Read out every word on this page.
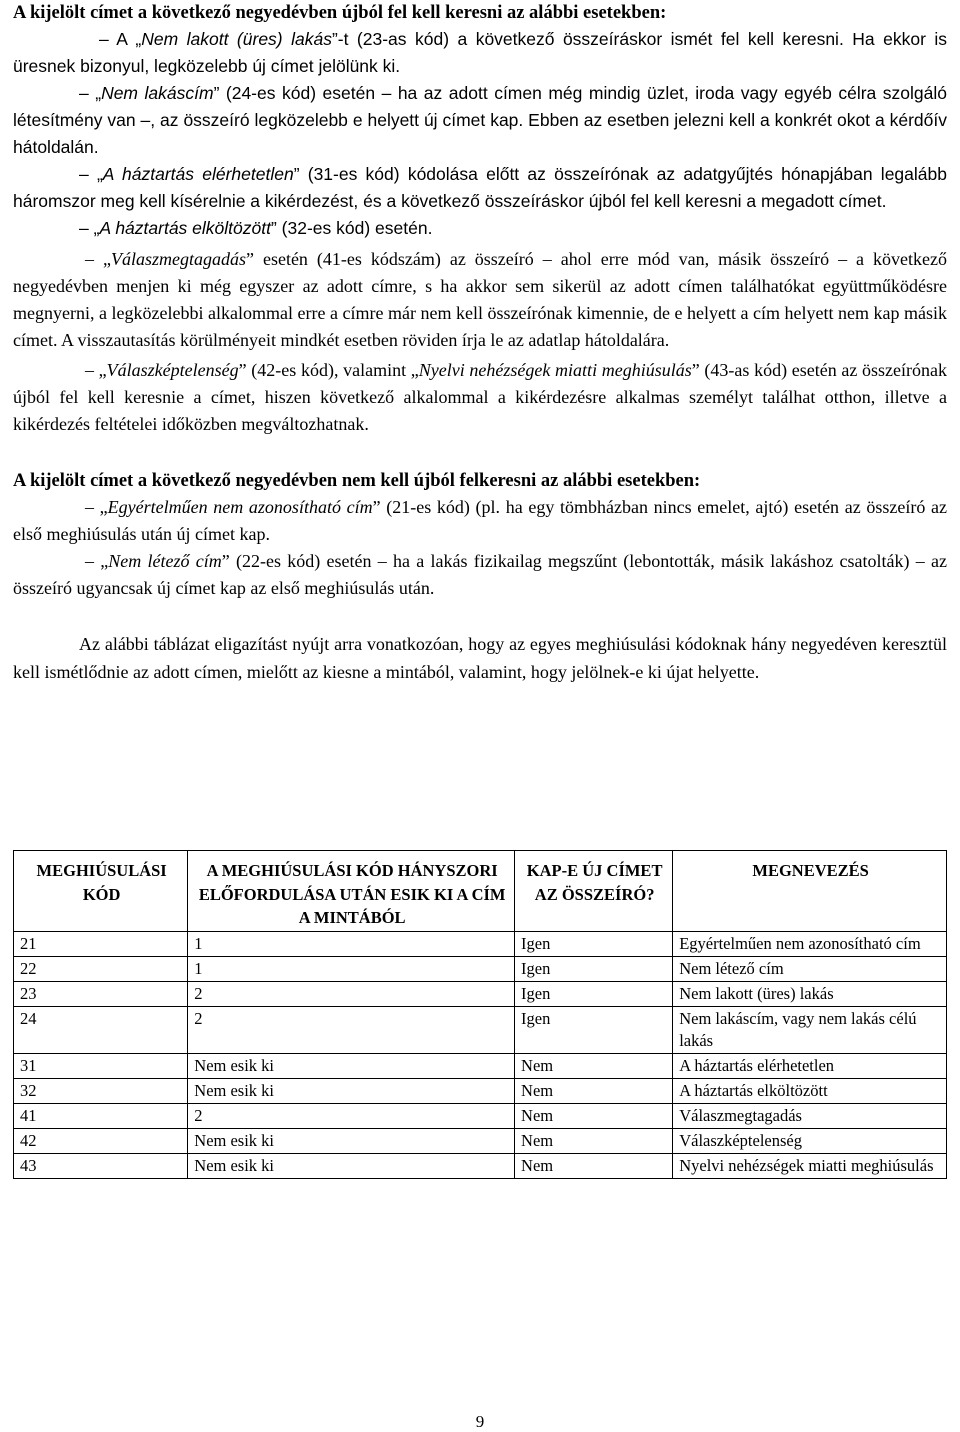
A kijelölt címet a következő negyedévben újból fel kell keresni az alábbi esetekben:

– A „Nem lakott (üres) lakás”-t (23-as kód) a következő összeíráskor ismét fel kell keresni. Ha ekkor is üresnek bizonyul, legközelebb új címet jelölünk ki.

– „Nem lakáscím” (24-es kód) esetén – ha az adott címen még mindig üzlet, iroda vagy egyéb célra szolgáló létesítmény van –, az összeíró legközelebb e helyett új címet kap. Ebben az esetben jelezni kell a konkrét okot a kérdőív hátoldalán.

– „A háztartás elérhetetlen” (31-es kód) kódolása előtt az összeírónak az adatgyűjtés hónapjában legalább háromszor meg kell kísérelnie a kikérdezést, és a következő összeíráskor újból fel kell keresni a megadott címet.

– „A háztartás elköltözött” (32-es kód) esetén.

– „Válaszmegtagadás” esetén (41-es kódszám) az összeíró – ahol erre mód van, másik összeíró – a következő negyedévben menjen ki még egyszer az adott címre, s ha akkor sem sikerül az adott címen találhatókat együttműködésre megnyerni, a legközelebbi alkalommal erre a címre már nem kell összeírónak kimennie, de e helyett a cím helyett nem kap másik címet. A visszautasítás körülményeit mindkét esetben röviden írja le az adatlap hátoldalára.

– „Válaszképtelenség” (42-es kód), valamint „Nyelvi nehézségek miatti meghiúsulás” (43-as kód) esetén az összeírónak újból fel kell keresnie a címet, hiszen következő alkalommal a kikérdezésre alkalmas személyt találhat otthon, illetve a kikérdezés feltételei időközben megváltozhatnak.

A kijelölt címet a következő negyedévben nem kell újból felkeresni az alábbi esetekben:

– „Egyértelműen nem azonosítható cím” (21-es kód) (pl. ha egy tömbházban nincs emelet, ajtó) esetén az összeíró az első meghiúsulás után új címet kap.

– „Nem létező cím” (22-es kód) esetén – ha a lakás fizikailag megszűnt (lebontották, másik lakáshoz csatolták) – az összeíró ugyancsak új címet kap az első meghiúsulás után.

Az alábbi táblázat eligazítást nyújt arra vonatkozóan, hogy az egyes meghiúsulási kódoknak hány negyedéven keresztül kell ismétlődnie az adott címen, mielőtt az kiesne a mintából, valamint, hogy jelölnek-e ki újat helyette.

MEGHIÚSULÁSI KÓD	A MEGHIÚSULÁSI KÓD HÁNYSZORI ELŐFORDULÁSA UTÁN ESIK KI A CÍM A MINTÁBÓL	KAP-E ÚJ CÍMET AZ ÖSSZEÍRÓ?	MEGNEVEZÉS
21	1	Igen	Egyértelműen nem azonosítható cím
22	1	Igen	Nem létező cím
23	2	Igen	Nem lakott (üres) lakás
24	2	Igen	Nem lakáscím, vagy nem lakás célú lakás
31	Nem esik ki	Nem	A háztartás elérhetetlen
32	Nem esik ki	Nem	A háztartás elköltözött
41	2	Nem	Válaszmegtagadás
42	Nem esik ki	Nem	Válaszképtelenség
43	Nem esik ki	Nem	Nyelvi nehézségek miatti meghiúsulás
9
